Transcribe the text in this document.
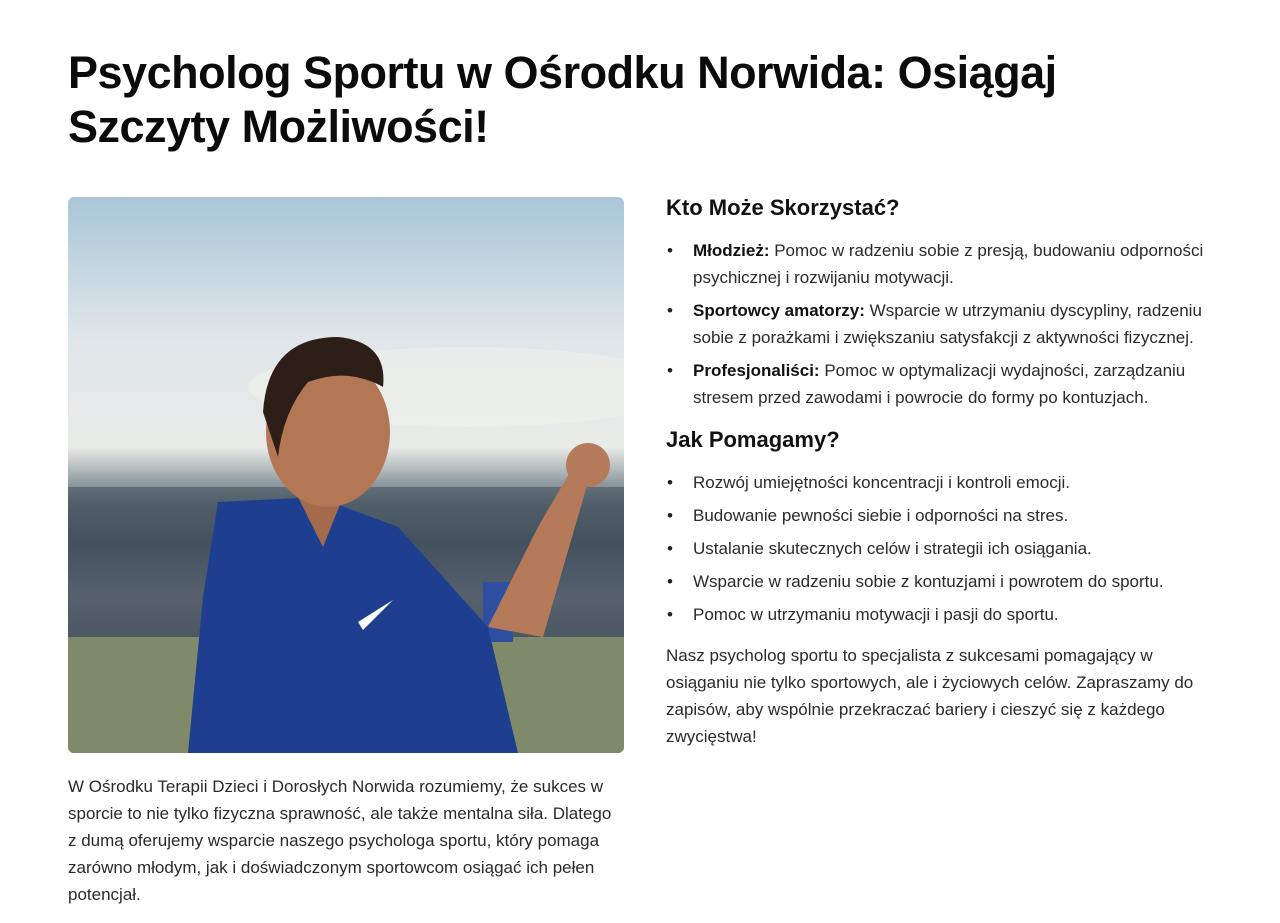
Psycholog Sportu w Ośrodku Norwida: Osiągaj Szczyty Możliwości!

W Ośrodku Terapii Dzieci i Dorosłych Norwida rozumiemy, że sukces w sporcie to nie tylko fizyczna sprawność, ale także mentalna siła. Dlatego z dumą oferujemy wsparcie naszego psychologa sportu, który pomaga zarówno młodym, jak i doświadczonym sportowcom osiągać ich pełen potencjał.

Kto Może Skorzystać?
• Młodzież: Pomoc w radzeniu sobie z presją, budowaniu odporności psychicznej i rozwijaniu motywacji.
• Sportowcy amatorzy: Wsparcie w utrzymaniu dyscypliny, radzeniu sobie z porażkami i zwiększaniu satysfakcji z aktywności fizycznej.
• Profesjonaliści: Pomoc w optymalizacji wydajności, zarządzaniu stresem przed zawodami i powrocie do formy po kontuzjach.
Jak Pomagamy?
• Rozwój umiejętności koncentracji i kontroli emocji.
• Budowanie pewności siebie i odporności na stres.
• Ustalanie skutecznych celów i strategii ich osiągania.
• Wsparcie w radzeniu sobie z kontuzjami i powrotem do sportu.
• Pomoc w utrzymaniu motywacji i pasji do sportu.

Nasz psycholog sportu to specjalista z sukcesami pomagający w osiąganiu nie tylko sportowych, ale i życiowych celów. Zapraszamy do zapisów, aby wspólnie przekraczać bariery i cieszyć się z każdego zwycięstwa!
